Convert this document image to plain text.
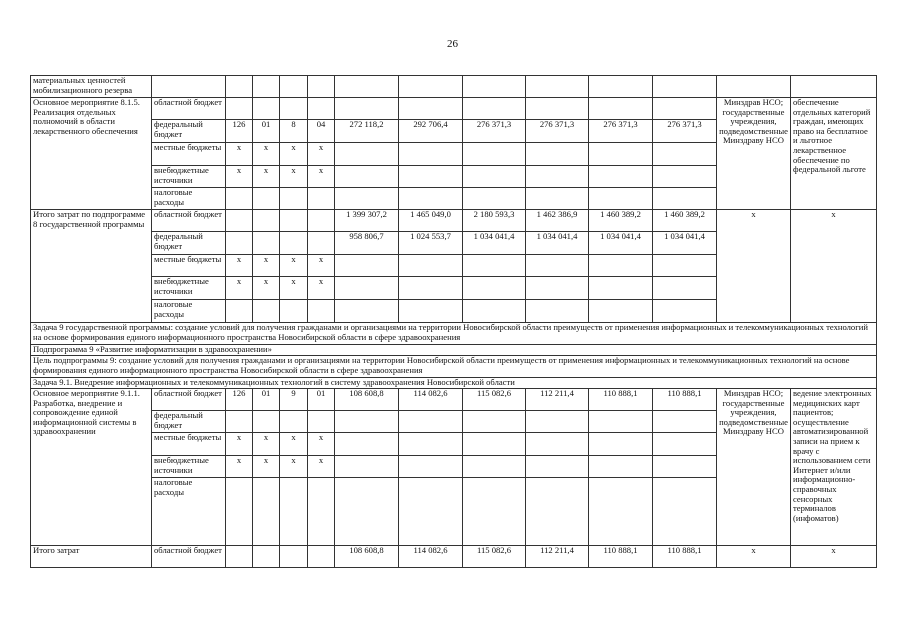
26
материальных ценностей мобилизационного резерва													
Основное мероприятие 8.1.5. Реализация отдельных полномочий в области лекарственного обеспечения	областной бюджет											Минздрав НСО; государственные учреждения, подведомственные Минздраву НСО	обеспечение отдельных категорий граждан, имеющих право на бесплатное и льготное лекарственное обеспечение по федеральной льготе
	федеральный бюджет	126	01	8	04	272 118,2	292 706,4	276 371,3	276 371,3	276 371,3	276 371,3		
	местные бюджеты	x	x	x	x								
	внебюджетные источники	x	x	x	x								
	налоговые расходы												
Итого затрат по подпрограмме 8 государственной программы	областной бюджет					1 399 307,2	1 465 049,0	2 180 593,3	1 462 386,9	1 460 389,2	1 460 389,2	x	x
	федеральный бюджет					958 806,7	1 024 553,7	1 034 041,4	1 034 041,4	1 034 041,4	1 034 041,4		
	местные бюджеты	x	x	x	x								
	внебюджетные источники	x	x	x	x								
	налоговые расходы												
Задача 9 государственной программы: создание условий для получения гражданами и организациями на территории Новосибирской области преимуществ от применения информационных и телекоммуникационных технологий на основе формирования единого информационного пространства Новосибирской области в сфере здравоохранения													
Подпрограмма 9 «Развитие информатизации в здравоохранении»													
Цель подпрограммы 9: создание условий для получения гражданами и организациями на территории Новосибирской области преимуществ от применения информационных и телекоммуникационных технологий на основе формирования единого информационного пространства Новосибирской области в сфере здравоохранения													
Задача 9.1. Внедрение информационных и телекоммуникационных технологий в систему здравоохранения Новосибирской области													
Основное мероприятие 9.1.1. Разработка, внедрение и сопровождение единой информационной системы в здравоохранении	областной бюджет	126	01	9	01	108 608,8	114 082,6	115 082,6	112 211,4	110 888,1	110 888,1	Минздрав НСО; государственные учреждения, подведомственные Минздраву НСО	ведение электронных медицинских карт пациентов; осуществление автоматизированной записи на прием к врачу с использованием сети Интернет и/или информационно-справочных сенсорных терминалов (инфоматов)
	федеральный бюджет												
	местные бюджеты	x	x	x	x								
	внебюджетные источники	x	x	x	x								
	налоговые расходы												
Итого затрат	областной бюджет					108 608,8	114 082,6	115 082,6	112 211,4	110 888,1	110 888,1	x	x
